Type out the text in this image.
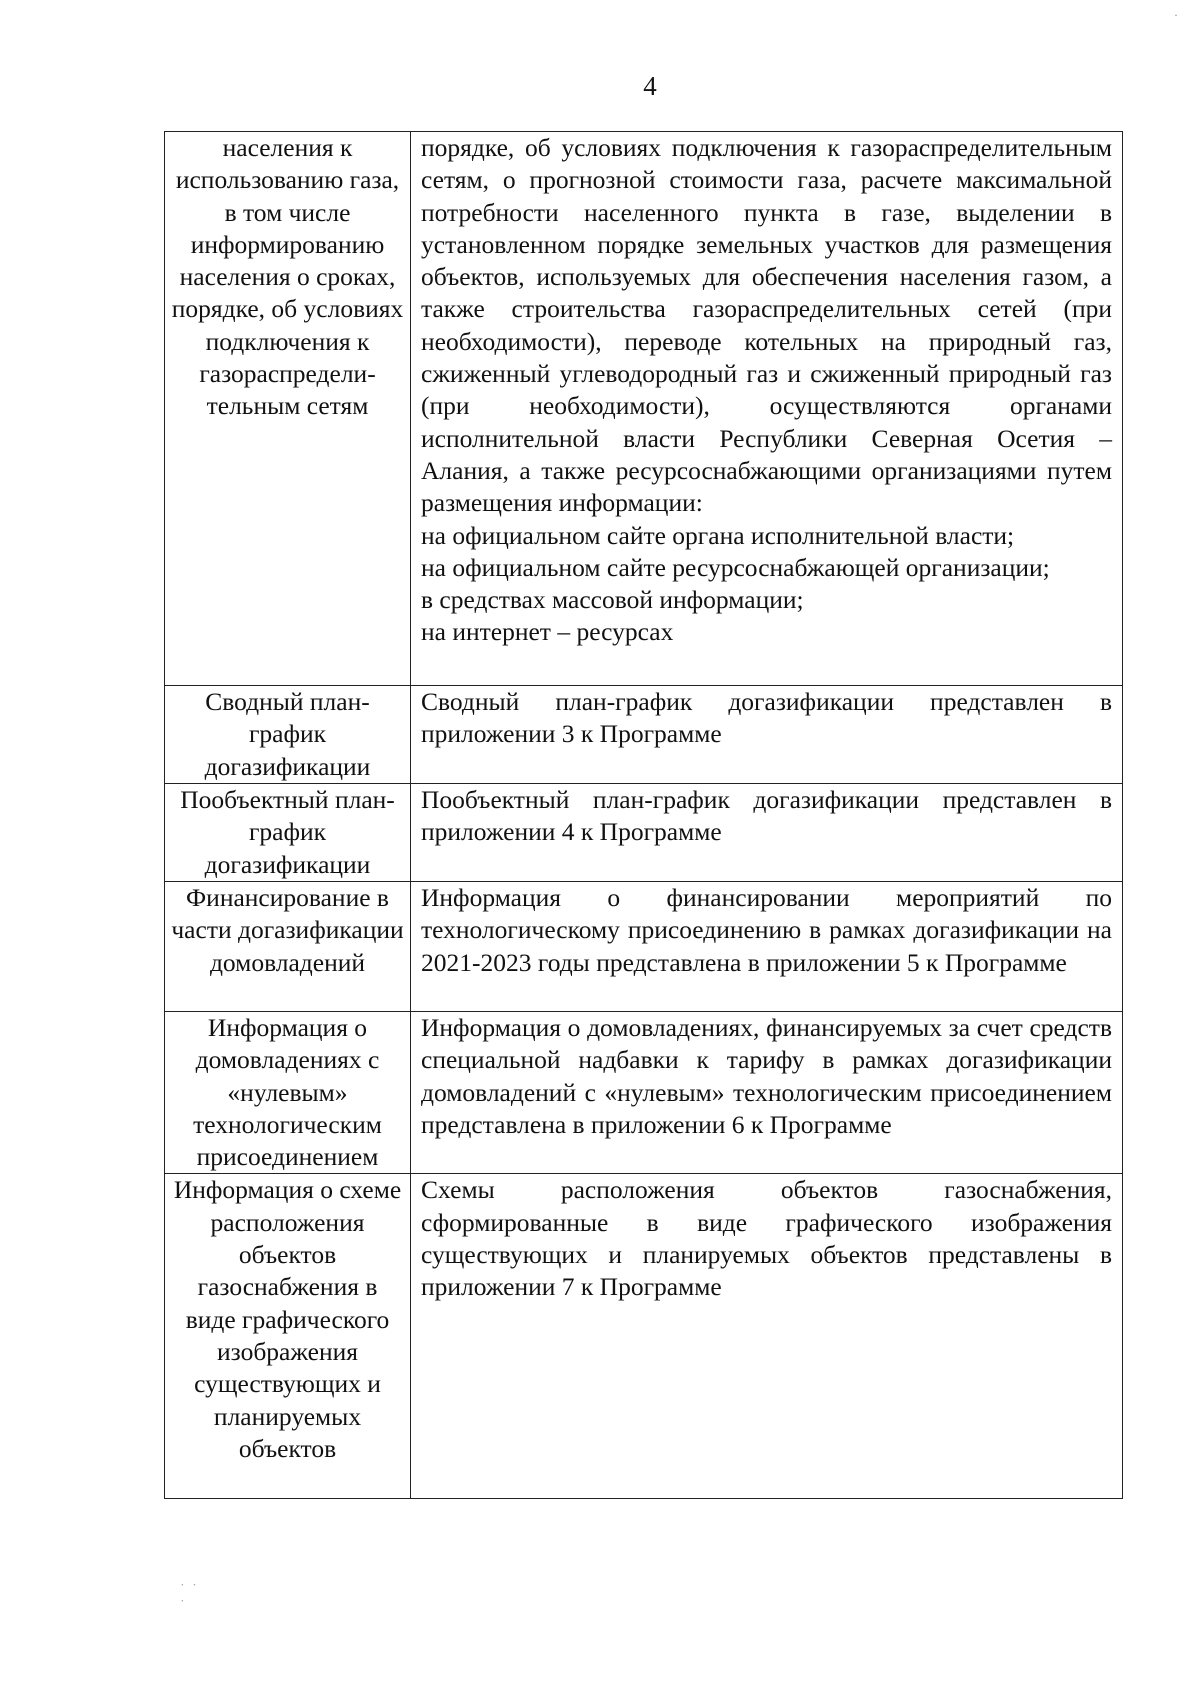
·
4
населения к использованию газа, в том числе информированию населения о сроках, порядке, об условиях подключения к газораспредели-тельным сетям	порядке, об условиях подключения к газораспределительным сетям, о прогнозной стоимости газа, расчете максимальной потребности населенного пункта в газе, выделении в установленном порядке земельных участков для размещения объектов, используемых для обеспечения населения газом, а также строительства газораспределительных сетей (при необходимости), переводе котельных на природный газ, сжиженный углеводородный газ и сжиженный природный газ (при необходимости), осуществляются органами исполнительной власти Республики Северная Осетия – Алания, а также ресурсоснабжающими организациями путем размещения информации:
на официальном сайте органа исполнительной власти;
на официальном сайте ресурсоснабжающей организации;
в средствах массовой информации;
на интернет – ресурсах

Сводный план-график догазификации	Сводный план-график догазификации представлен в приложении 3 к Программе

Пообъектный план-график догазификации	Пообъектный план-график догазификации представлен в приложении 4 к Программе

Финансирование в части догазификации домовладений	Информация о финансировании мероприятий по технологическому присоединению в рамках догазификации на 2021-2023 годы представлена в приложении 5 к Программе

Информация о домовладениях с «нулевым» технологическим присоединением	Информация о домовладениях, финансируемых за счет средств специальной надбавки к тарифу в рамках догазификации домовладений с «нулевым» технологическим присоединением представлена в приложении 6 к Программе

Информация о схеме расположения объектов газоснабжения в виде графического изображения существующих и планируемых объектов	Схемы расположения объектов газоснабжения, сформированные в виде графического изображения существующих и планируемых объектов представлены в приложении 7 к Программе
˙ ˙ ˙
